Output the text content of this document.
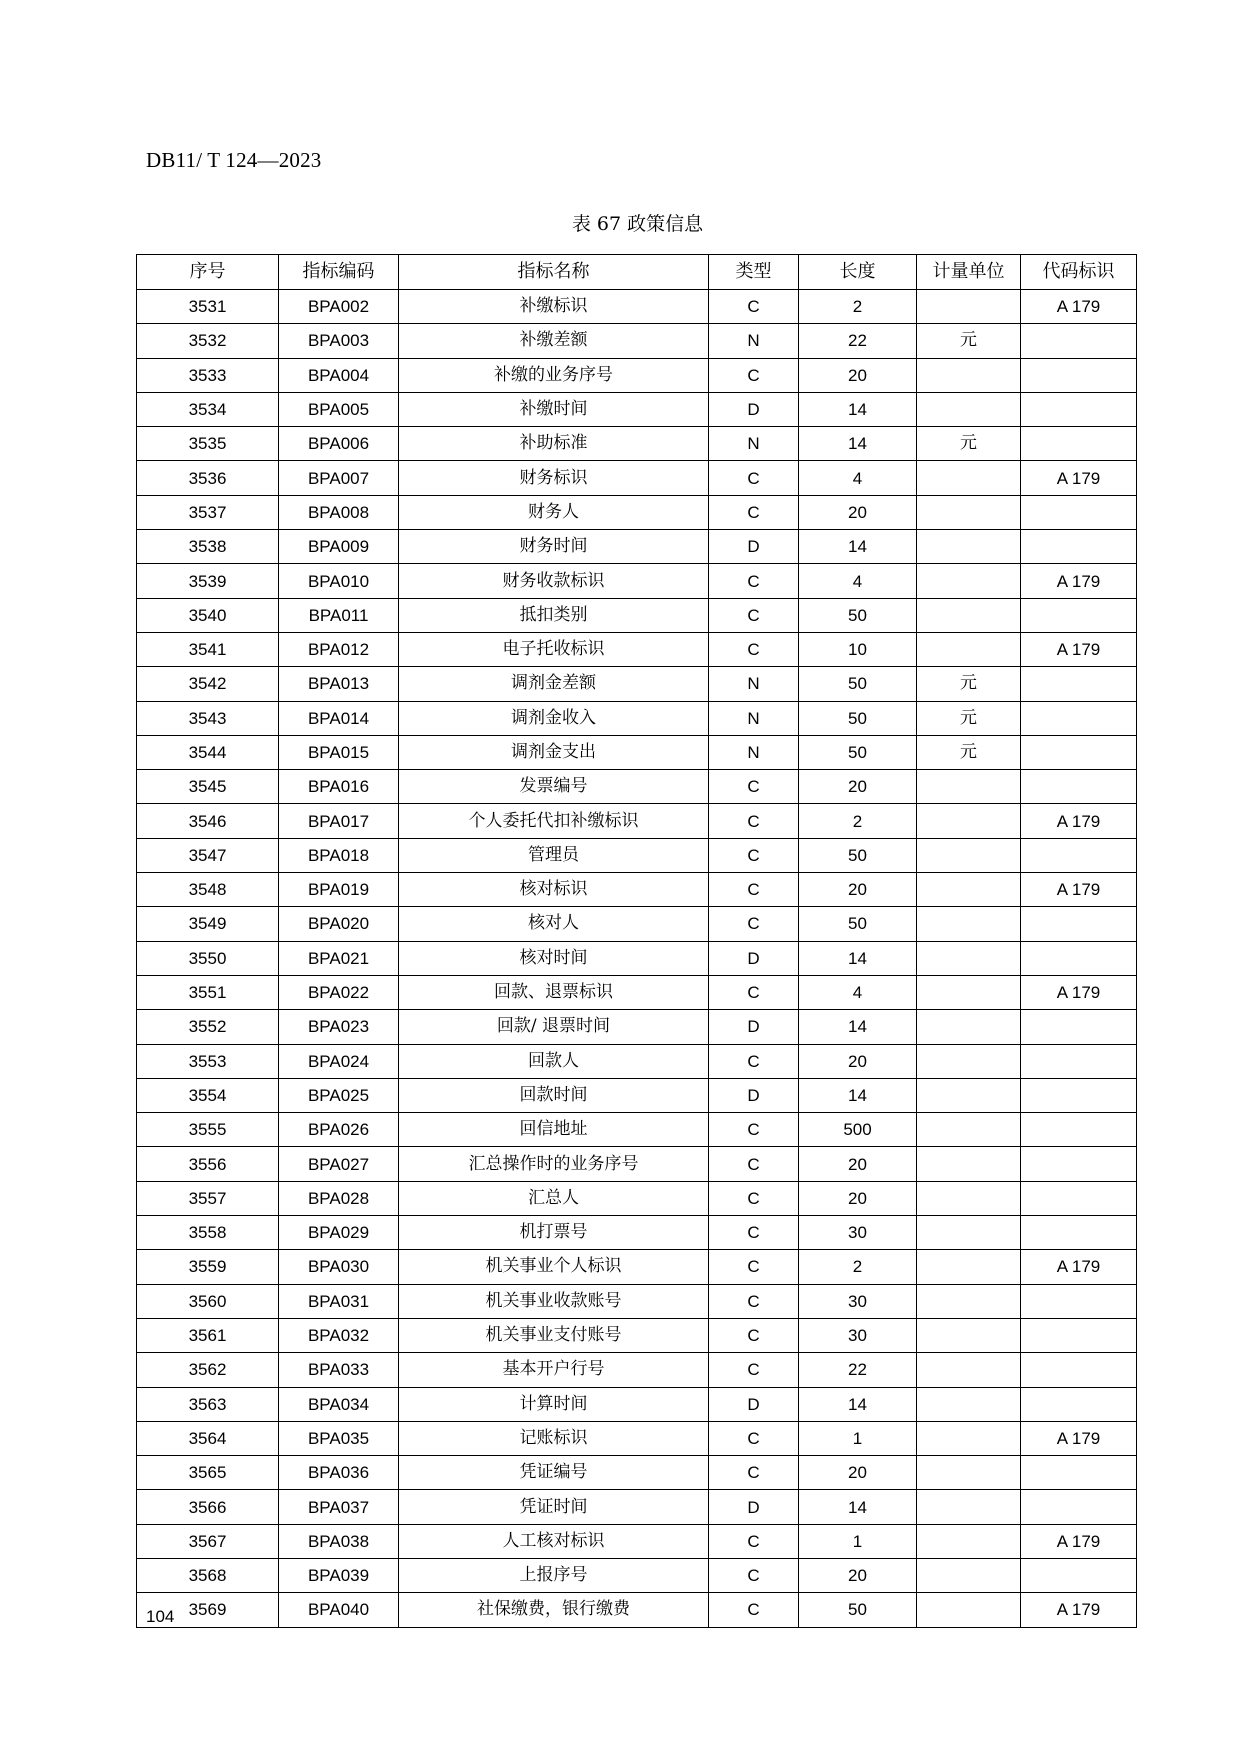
DB11/ T 124—2023
表 67 政策信息
序号	指标编码	指标名称	类型	长度	计量单位	代码标识
3531	BPA002	补缴标识	C	2		A 179
3532	BPA003	补缴差额	N	22	元	
3533	BPA004	补缴的业务序号	C	20		
3534	BPA005	补缴时间	D	14		
3535	BPA006	补助标准	N	14	元	
3536	BPA007	财务标识	C	4		A 179
3537	BPA008	财务人	C	20		
3538	BPA009	财务时间	D	14		
3539	BPA010	财务收款标识	C	4		A 179
3540	BPA011	抵扣类别	C	50		
3541	BPA012	电子托收标识	C	10		A 179
3542	BPA013	调剂金差额	N	50	元	
3543	BPA014	调剂金收入	N	50	元	
3544	BPA015	调剂金支出	N	50	元	
3545	BPA016	发票编号	C	20		
3546	BPA017	个人委托代扣补缴标识	C	2		A 179
3547	BPA018	管理员	C	50		
3548	BPA019	核对标识	C	20		A 179
3549	BPA020	核对人	C	50		
3550	BPA021	核对时间	D	14		
3551	BPA022	回款、退票标识	C	4		A 179
3552	BPA023	回款/ 退票时间	D	14		
3553	BPA024	回款人	C	20		
3554	BPA025	回款时间	D	14		
3555	BPA026	回信地址	C	500		
3556	BPA027	汇总操作时的业务序号	C	20		
3557	BPA028	汇总人	C	20		
3558	BPA029	机打票号	C	30		
3559	BPA030	机关事业个人标识	C	2		A 179
3560	BPA031	机关事业收款账号	C	30		
3561	BPA032	机关事业支付账号	C	30		
3562	BPA033	基本开户行号	C	22		
3563	BPA034	计算时间	D	14		
3564	BPA035	记账标识	C	1		A 179
3565	BPA036	凭证编号	C	20		
3566	BPA037	凭证时间	D	14		
3567	BPA038	人工核对标识	C	1		A 179
3568	BPA039	上报序号	C	20		
3569	BPA040	社保缴费，银行缴费	C	50		A 179
104
